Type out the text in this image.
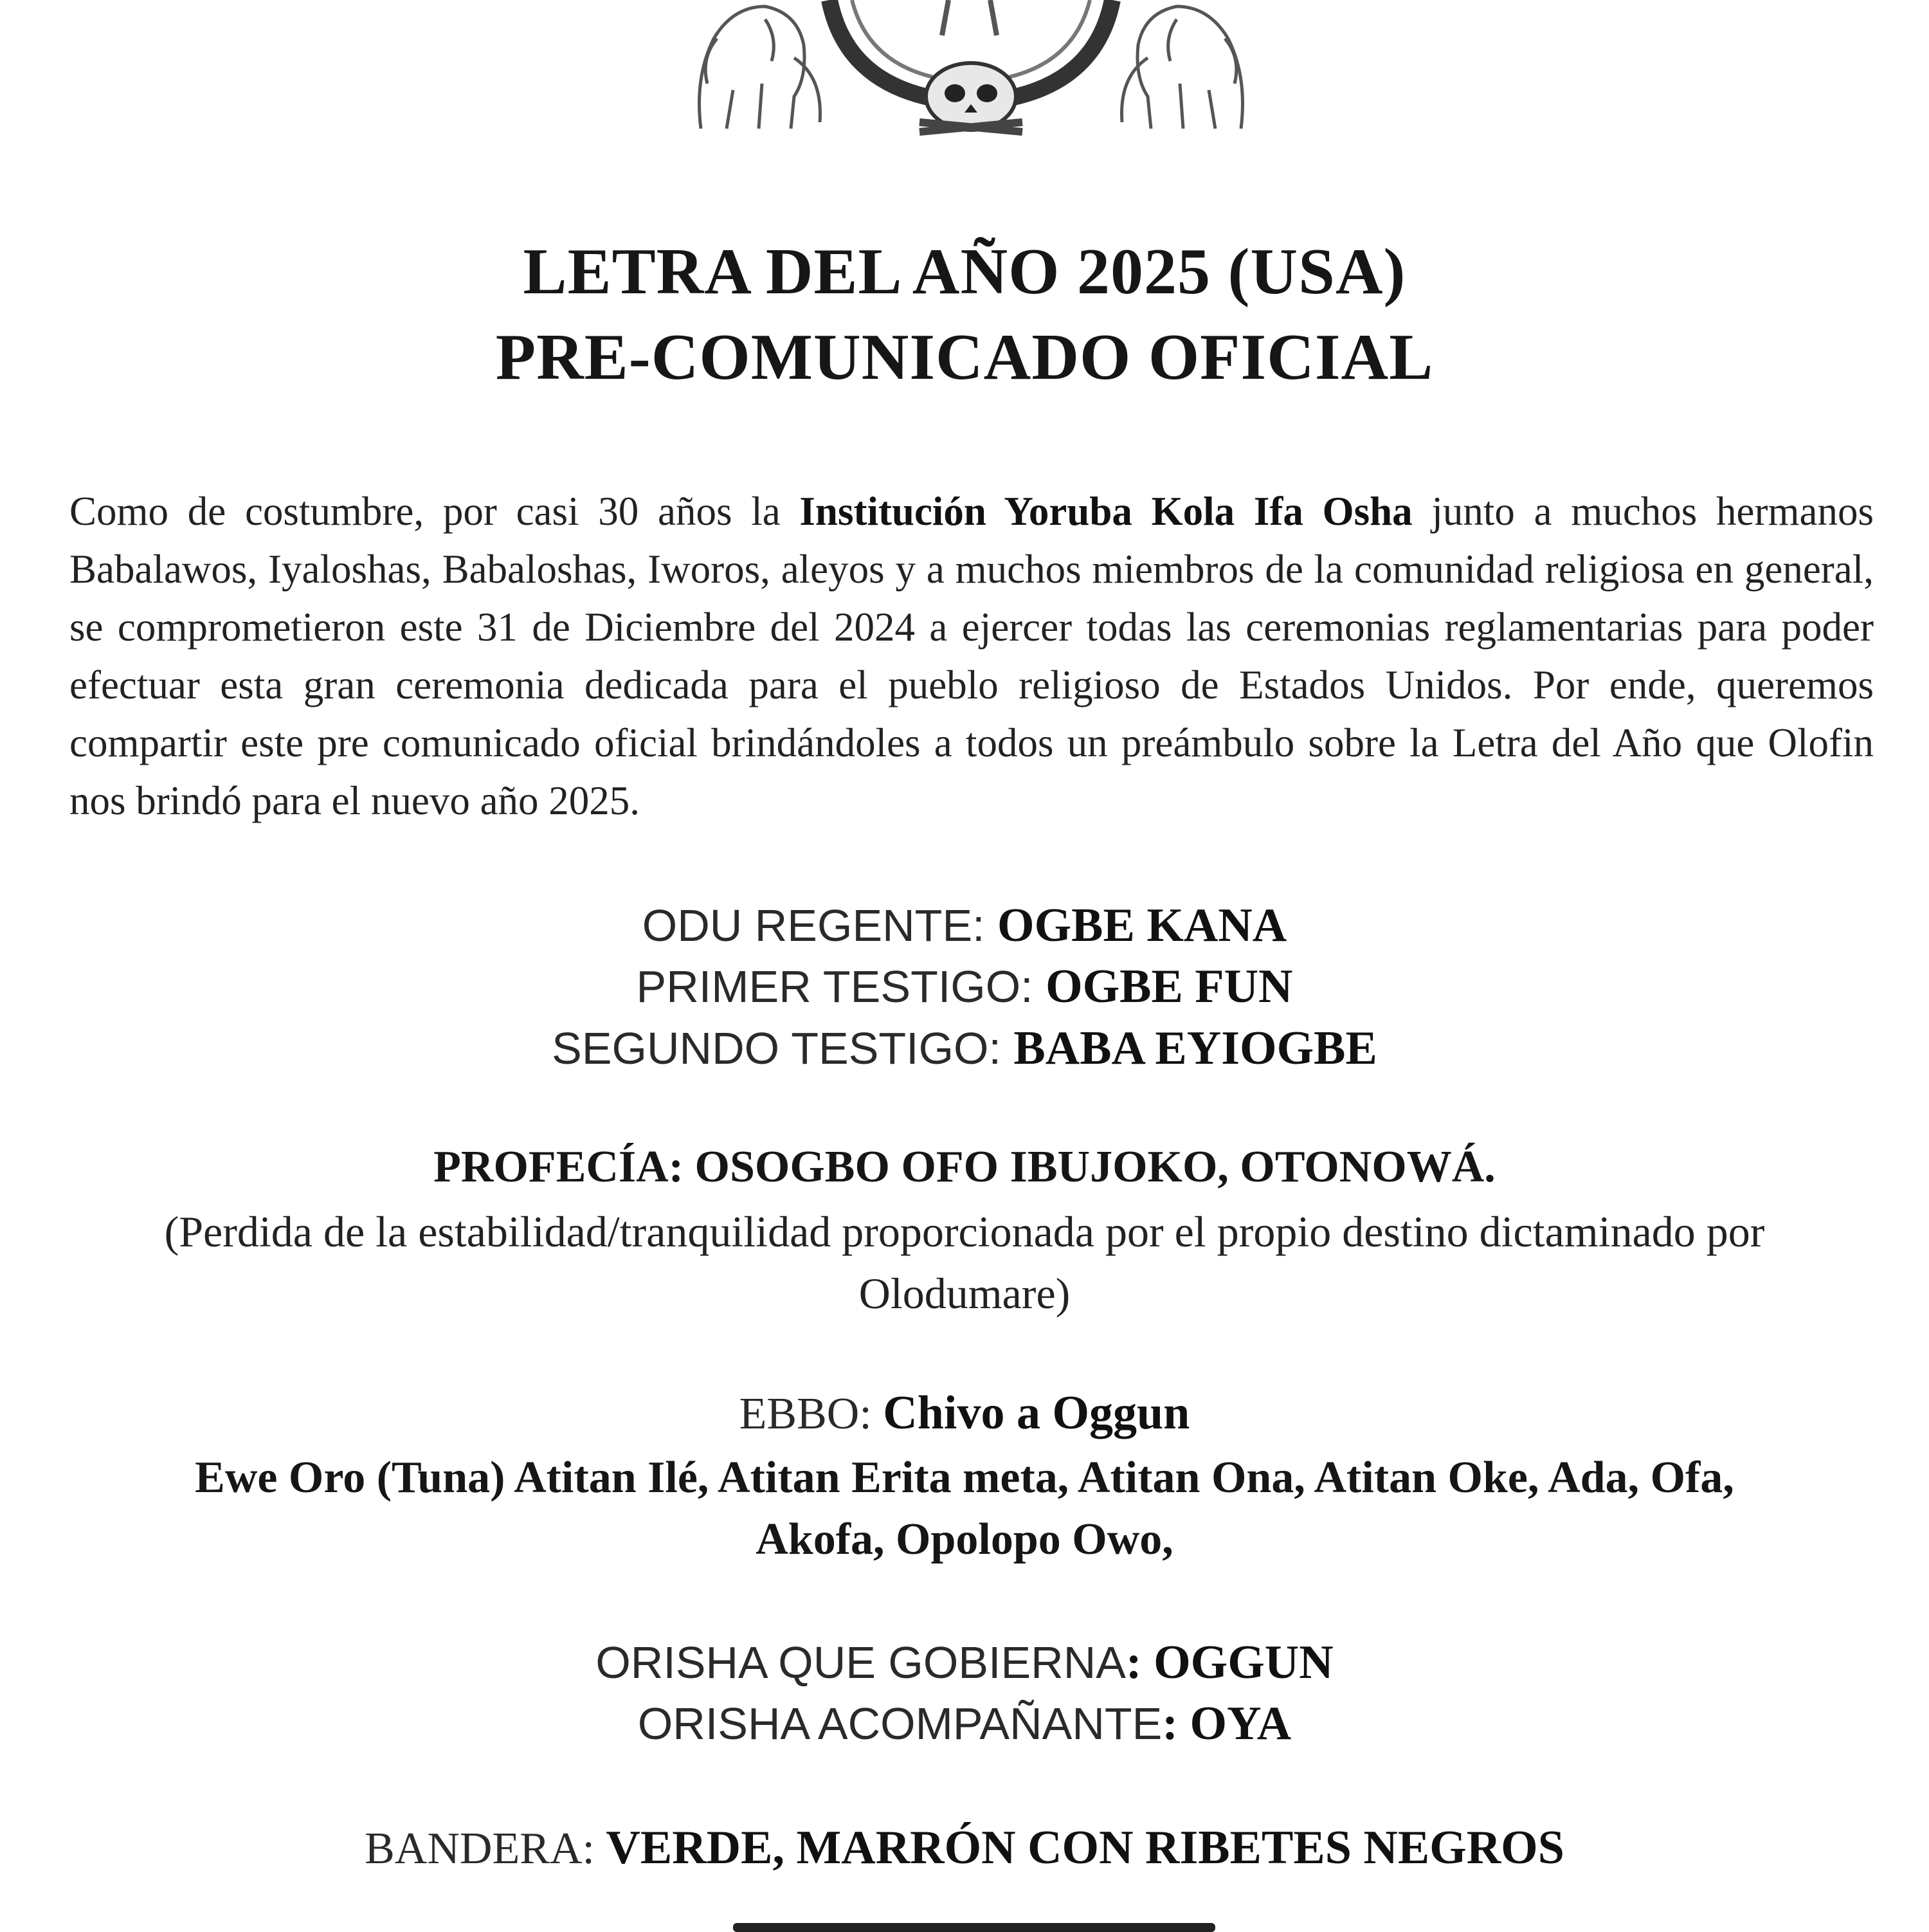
LETRA DEL AÑO 2025 (USA)
PRE-COMUNICADO OFICIAL

Como de costumbre, por casi 30 años la Institución Yoruba Kola Ifa Osha junto a muchos hermanos Babalawos, Iyaloshas, Babaloshas, Iworos, aleyos y a muchos miembros de la comunidad religiosa en general, se comprometieron este 31 de Diciembre del 2024 a ejercer todas las ceremonias reglamentarias para poder efectuar esta gran ceremonia dedicada para el pueblo religioso de Estados Unidos. Por ende, queremos compartir este pre comunicado oficial brindándoles a todos un preámbulo sobre la Letra del Año que Olofin nos brindó para el nuevo año 2025.

ODU REGENTE: OGBE KANA

PRIMER TESTIGO: OGBE FUN

SEGUNDO TESTIGO: BABA EYIOGBE

PROFECÍA: OSOGBO OFO IBUJOKO, OTONOWÁ.

(Perdida de la estabilidad/tranquilidad proporcionada por el propio destino dictaminado por Olodumare)

EBBO: Chivo a Oggun

Ewe Oro (Tuna) Atitan Ilé, Atitan Erita meta, Atitan Ona, Atitan Oke, Ada, Ofa,

Akofa, Opolopo Owo,

ORISHA QUE GOBIERNA: OGGUN

ORISHA ACOMPAÑANTE: OYA

BANDERA: VERDE, MARRÓN CON RIBETES NEGROS
